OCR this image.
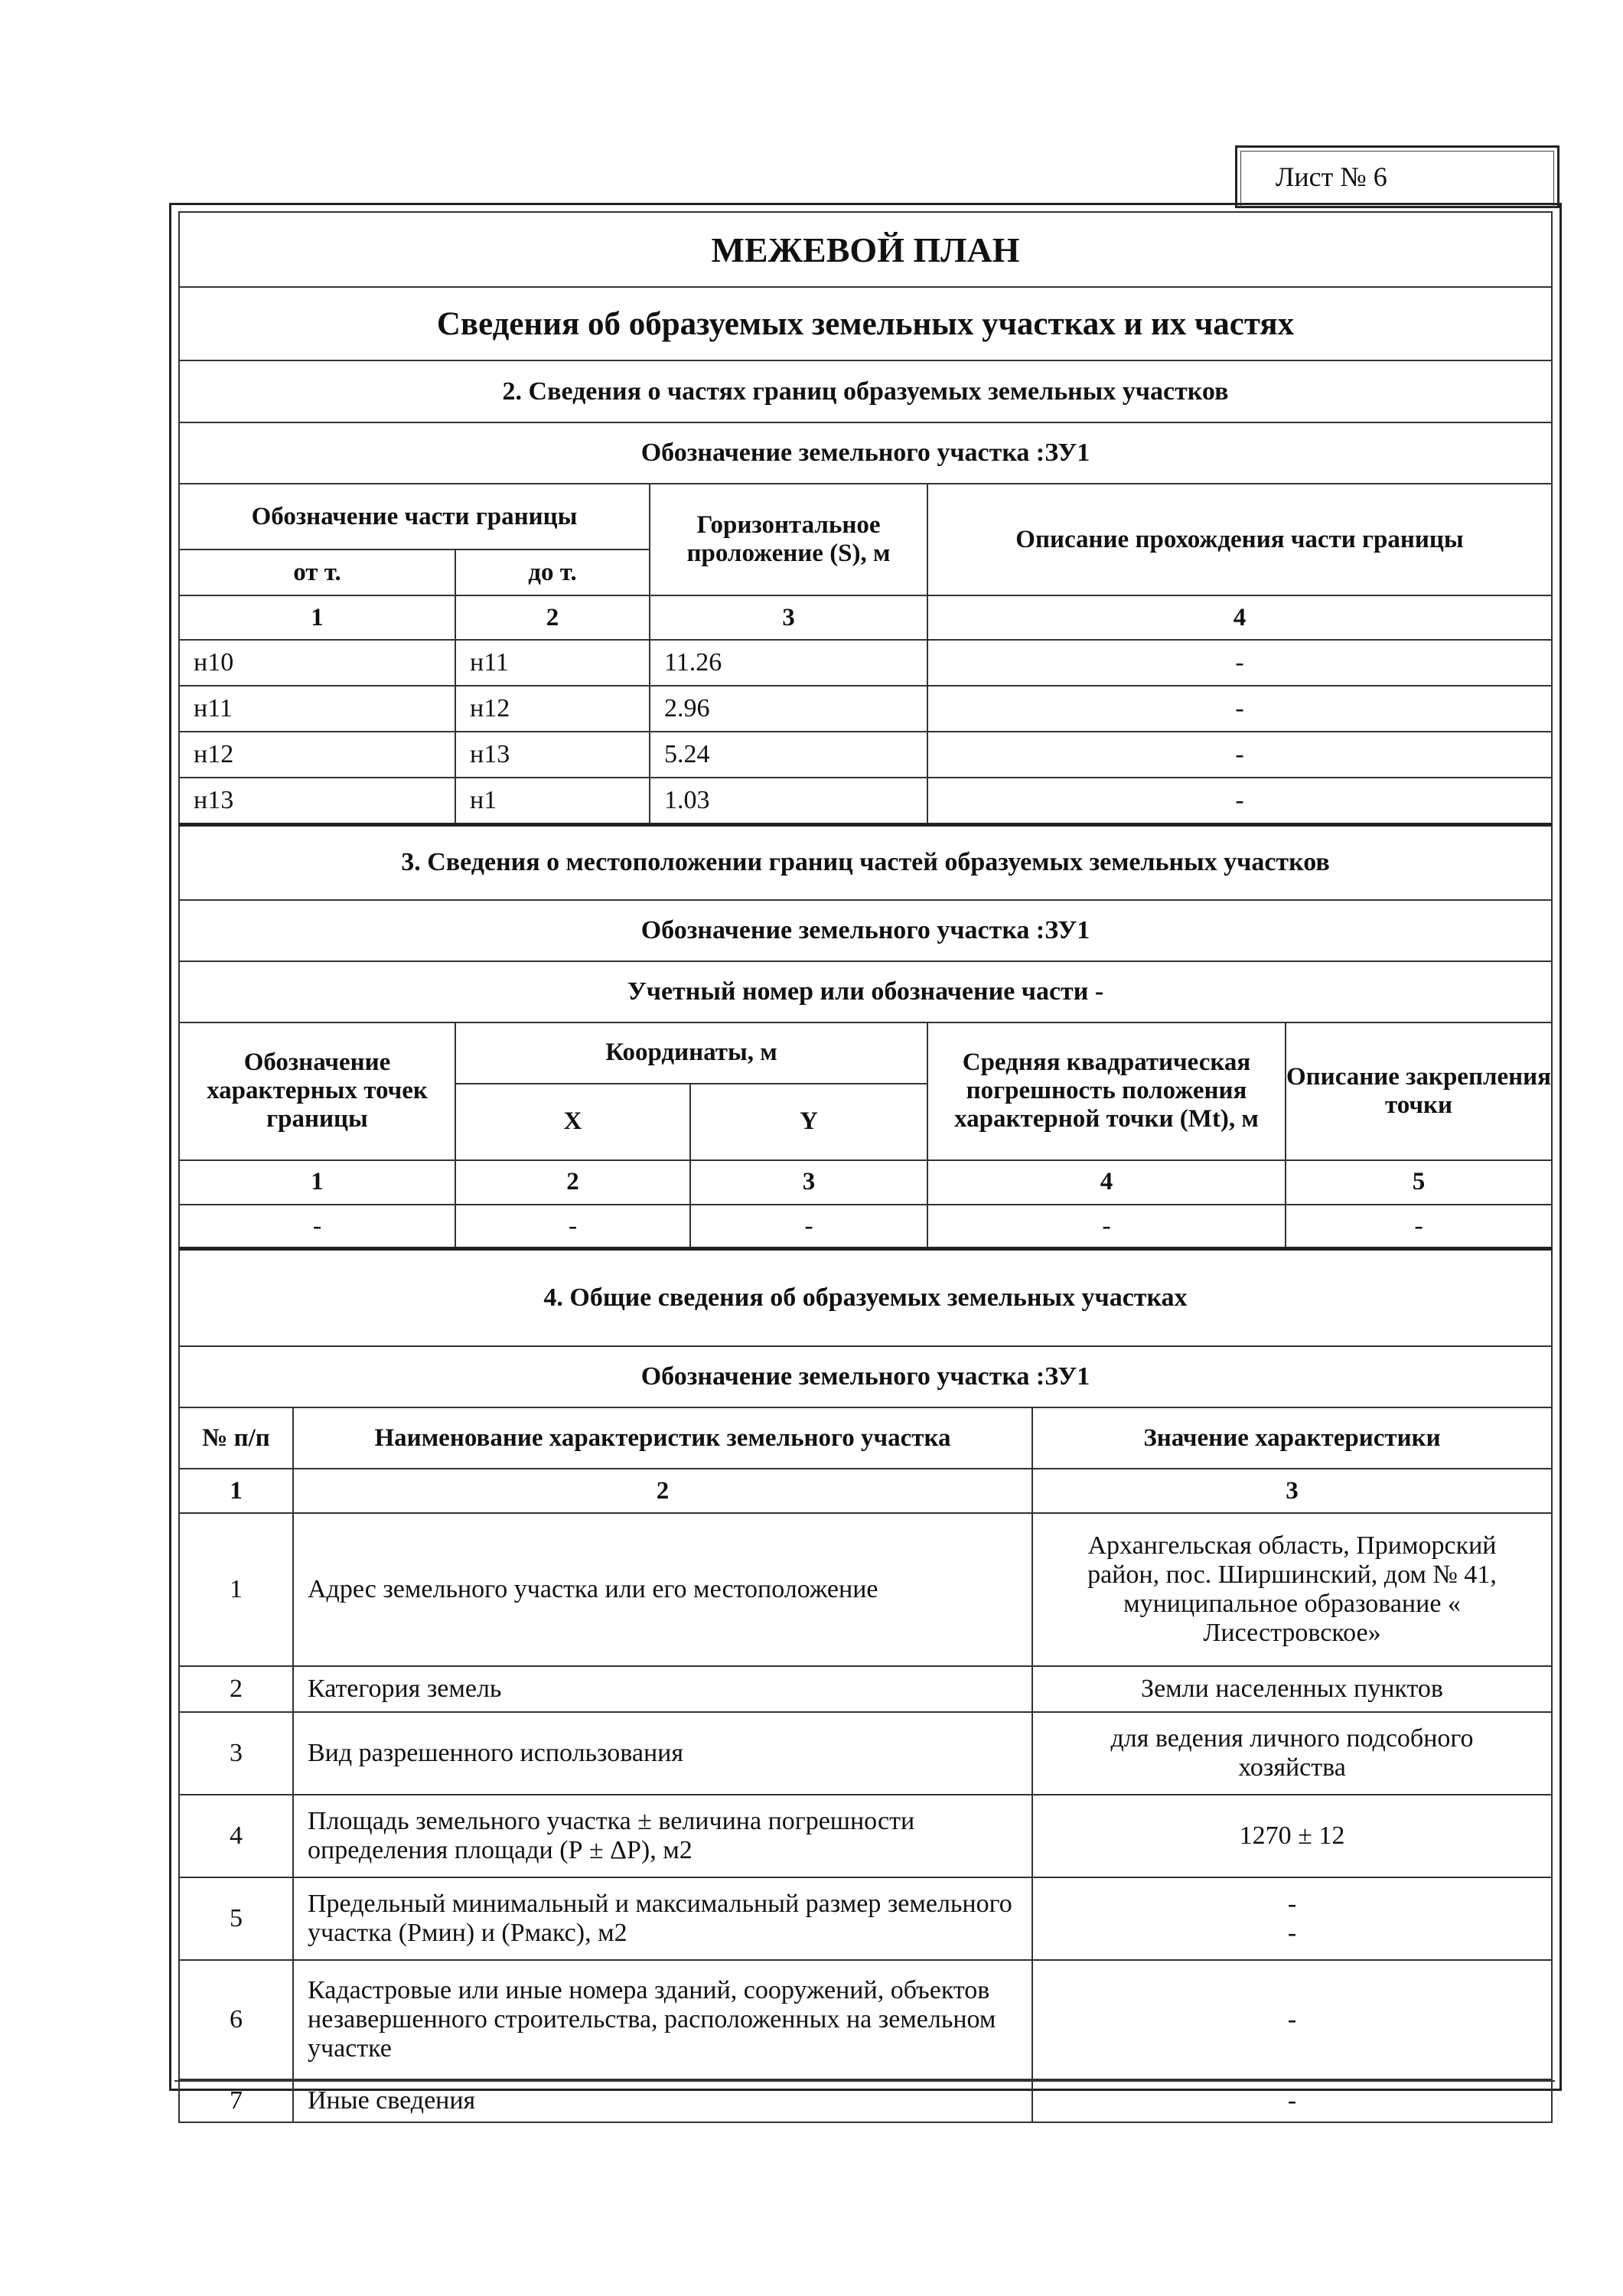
Лист № 6
МЕЖЕВОЙ ПЛАН
Сведения об образуемых земельных участках и их частях
2. Сведения о частях границ образуемых земельных участков			
Обозначение земельного участка :ЗУ1			
Обозначение части границы		Горизонтальное проложение (S), м	Описание прохождения части границы
от т.	до т.		
1	2	3	4
н10	н11	11.26	-
н11	н12	2.96	-
н12	н13	5.24	-
н13	н1	1.03	-
3. Сведения о местоположении границ частей образуемых земельных участков				
Обозначение земельного участка :ЗУ1				
Учетный номер или обозначение части -				
Обозначение характерных точек границы	Координаты, м		Средняя квадратическая погрешность положения характерной точки (Mt), м	Описание закрепления точки
	X	Y		
1	2	3	4	5
-	-	-	-	-
4. Общие сведения об образуемых земельных участках		
Обозначение земельного участка :ЗУ1		
№ п/п	Наименование характеристик земельного участка	Значение характеристики
1	2	3
1	Адрес земельного участка или его местоположение	Архангельская область, Приморский
район, пос. Ширшинский, дом № 41,
муниципальное образование «
Лисестровское»

2	Категория земель	Земли населенных пунктов

3	Вид разрешенного использования	для ведения личного подсобного
хозяйства

4	Площадь земельного участка ± величина погрешности определения площади (Р ± ΔР), м2	1270 ± 12

5	Предельный минимальный и максимальный размер земельного участка (Рмин) и (Рмакс), м2	-
-

6	Кадастровые или иные номера зданий, сооружений, объектов незавершенного строительства, расположенных на земельном участке	-

7	Иные сведения	-
